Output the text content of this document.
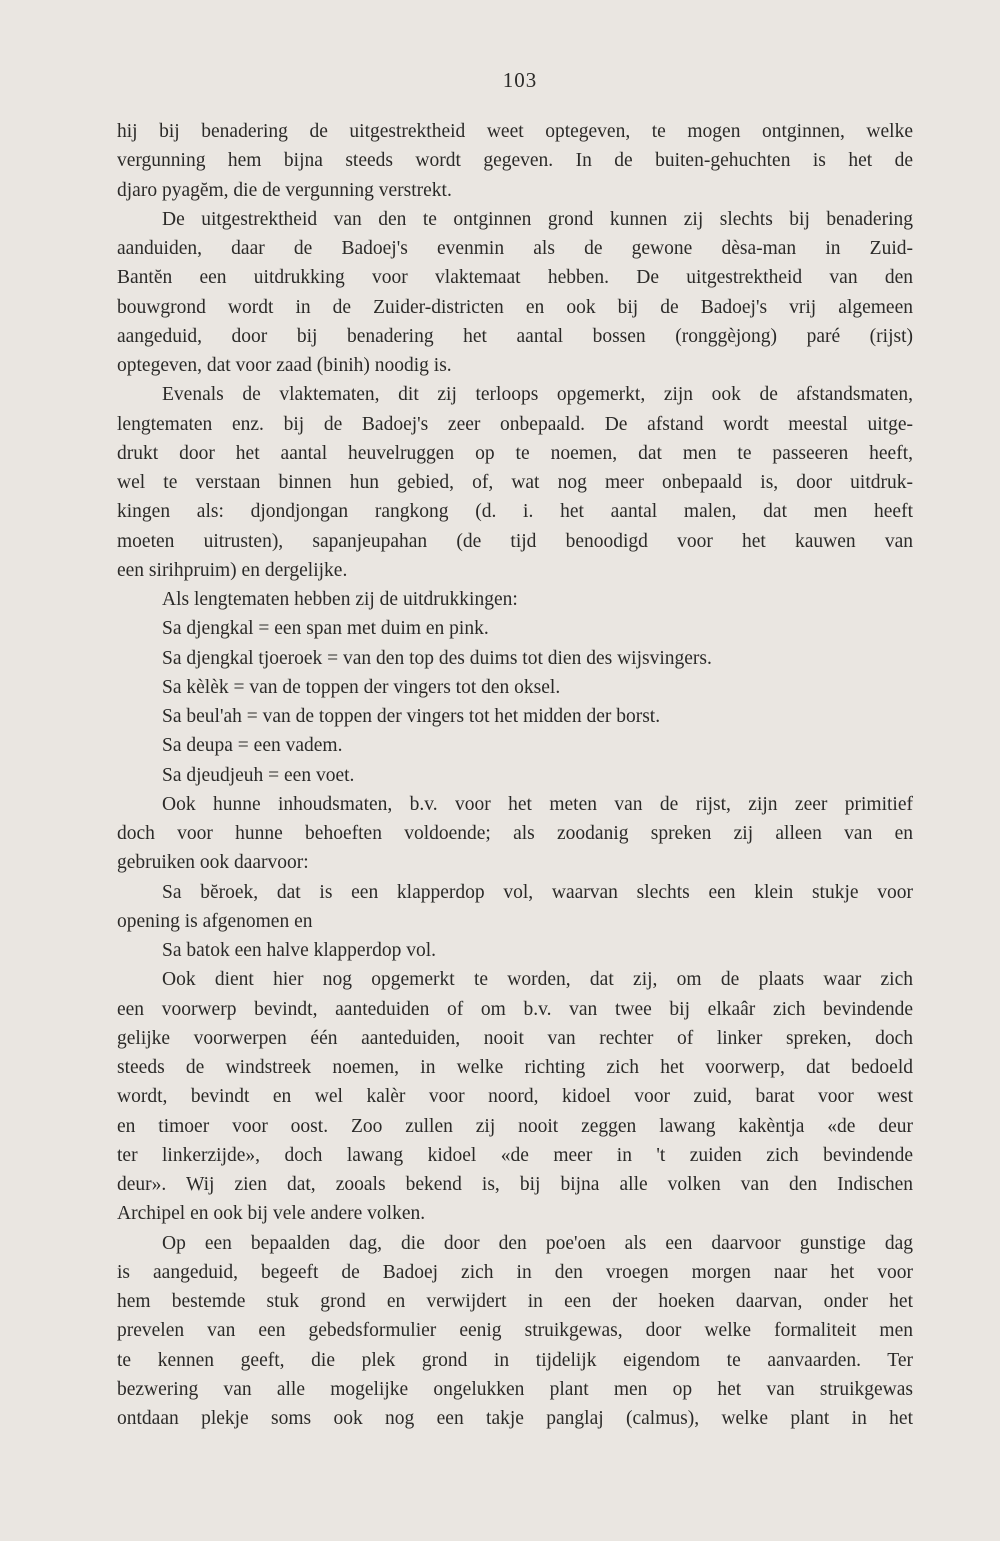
103
hij bij benadering de uitgestrektheid weet optegeven, te mogen ontginnen, welke
vergunning hem bijna steeds wordt gegeven. In de buiten-gehuchten is het de
djaro pyagĕm, die de vergunning verstrekt.
De uitgestrektheid van den te ontginnen grond kunnen zij slechts bij benadering
aanduiden, daar de Badoej's evenmin als de gewone dèsa-man in Zuid-
Bantĕn een uitdrukking voor vlaktemaat hebben. De uitgestrektheid van den
bouwgrond wordt in de Zuider-districten en ook bij de Badoej's vrij algemeen
aangeduid, door bij benadering het aantal bossen (ronggèjong) paré (rijst)
optegeven, dat voor zaad (binih) noodig is.
Evenals de vlaktematen, dit zij terloops opgemerkt, zijn ook de afstandsmaten,
lengtematen enz. bij de Badoej's zeer onbepaald. De afstand wordt meestal uitge-
drukt door het aantal heuvelruggen op te noemen, dat men te passeeren heeft,
wel te verstaan binnen hun gebied, of, wat nog meer onbepaald is, door uitdruk-
kingen als: djondjongan rangkong (d. i. het aantal malen, dat men heeft
moeten uitrusten), sapanjeupahan (de tijd benoodigd voor het kauwen van
een sirihpruim) en dergelijke.
Als lengtematen hebben zij de uitdrukkingen:
Sa djengkal = een span met duim en pink.
Sa djengkal tjoeroek = van den top des duims tot dien des wijsvingers.
Sa kèlèk = van de toppen der vingers tot den oksel.
Sa beul'ah = van de toppen der vingers tot het midden der borst.
Sa deupa = een vadem.
Sa djeudjeuh = een voet.
Ook hunne inhoudsmaten, b.v. voor het meten van de rijst, zijn zeer primitief
doch voor hunne behoeften voldoende; als zoodanig spreken zij alleen van en
gebruiken ook daarvoor:
Sa bĕroek, dat is een klapperdop vol, waarvan slechts een klein stukje voor
opening is afgenomen en
Sa batok een halve klapperdop vol.
Ook dient hier nog opgemerkt te worden, dat zij, om de plaats waar zich
een voorwerp bevindt, aanteduiden of om b.v. van twee bij elkaâr zich bevindende
gelijke voorwerpen één aanteduiden, nooit van rechter of linker spreken, doch
steeds de windstreek noemen, in welke richting zich het voorwerp, dat bedoeld
wordt, bevindt en wel kalèr voor noord, kidoel voor zuid, barat voor west
en timoer voor oost. Zoo zullen zij nooit zeggen lawang kakèntja «de deur
ter linkerzijde», doch lawang kidoel «de meer in 't zuiden zich bevindende
deur». Wij zien dat, zooals bekend is, bij bijna alle volken van den Indischen
Archipel en ook bij vele andere volken.
Op een bepaalden dag, die door den poe'oen als een daarvoor gunstige dag
is aangeduid, begeeft de Badoej zich in den vroegen morgen naar het voor
hem bestemde stuk grond en verwijdert in een der hoeken daarvan, onder het
prevelen van een gebedsformulier eenig struikgewas, door welke formaliteit men
te kennen geeft, die plek grond in tijdelijk eigendom te aanvaarden. Ter
bezwering van alle mogelijke ongelukken plant men op het van struikgewas
ontdaan plekje soms ook nog een takje panglaj (calmus), welke plant in het
